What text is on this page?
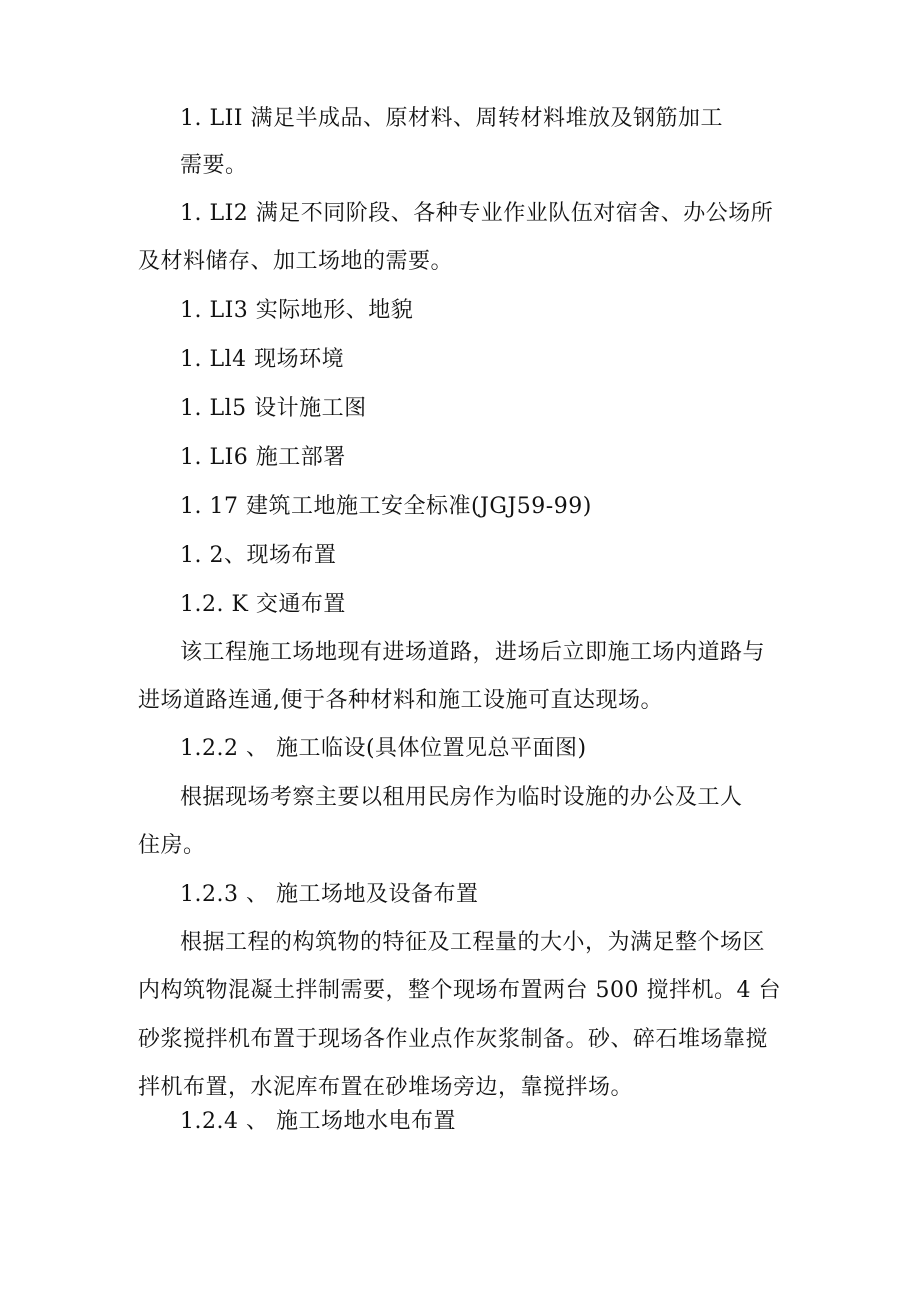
1. LII 满足半成品、原材料、周转材料堆放及钢筋加工
需要。
1. LI2 满足不同阶段、各种专业作业队伍对宿舍、办公场所
及材料储存、加工场地的需要。
1. LI3 实际地形、地貌
1. Ll4 现场环境
1. Ll5 设计施工图
1. LI6 施工部署
1. 17 建筑工地施工安全标准(JGJ59-99)
1. 2、现场布置
1.2. K 交通布置
该工程施工场地现有进场道路，进场后立即施工场内道路与
进场道路连通,便于各种材料和施工设施可直达现场。
1.2.2 、 施工临设(具体位置见总平面图)
根据现场考察主要以租用民房作为临时设施的办公及工人
住房。
1.2.3 、 施工场地及设备布置
根据工程的构筑物的特征及工程量的大小，为满足整个场区
内构筑物混凝土拌制需要，整个现场布置两台 500 搅拌机。4 台
砂浆搅拌机布置于现场各作业点作灰浆制备。砂、碎石堆场靠搅
拌机布置，水泥库布置在砂堆场旁边，靠搅拌场。
1.2.4 、 施工场地水电布置
